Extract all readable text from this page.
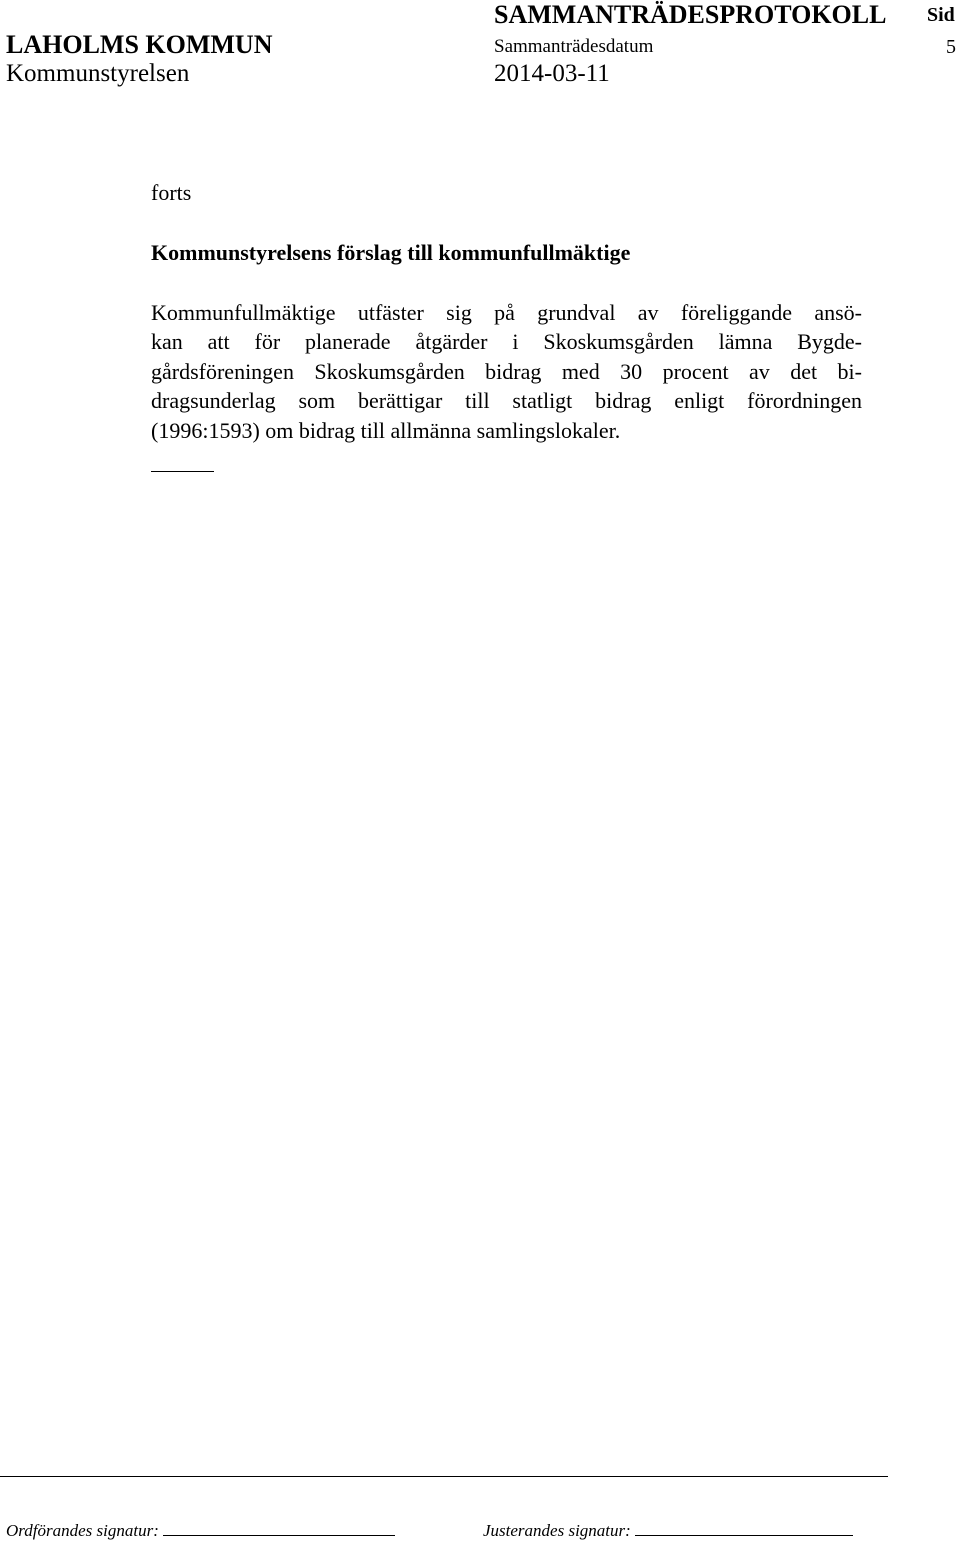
LAHOLMS KOMMUN
Kommunstyrelsen
SAMMANTRÄDESPROTOKOLL
Sammanträdesdatum
2014-03-11
Sid
5
forts
Kommunstyrelsens förslag till kommunfullmäktige
Kommunfullmäktige utfäster sig på grundval av föreliggande ansö-
kan att för planerade åtgärder i Skoskumsgården lämna Bygde-
gårdsföreningen Skoskumsgården bidrag med 30 procent av det bi-
dragsunderlag som berättigar till statligt bidrag enligt förordningen
(1996:1593) om bidrag till allmänna samlingslokaler.
Ordförandes signatur:	Justerandes signatur:
